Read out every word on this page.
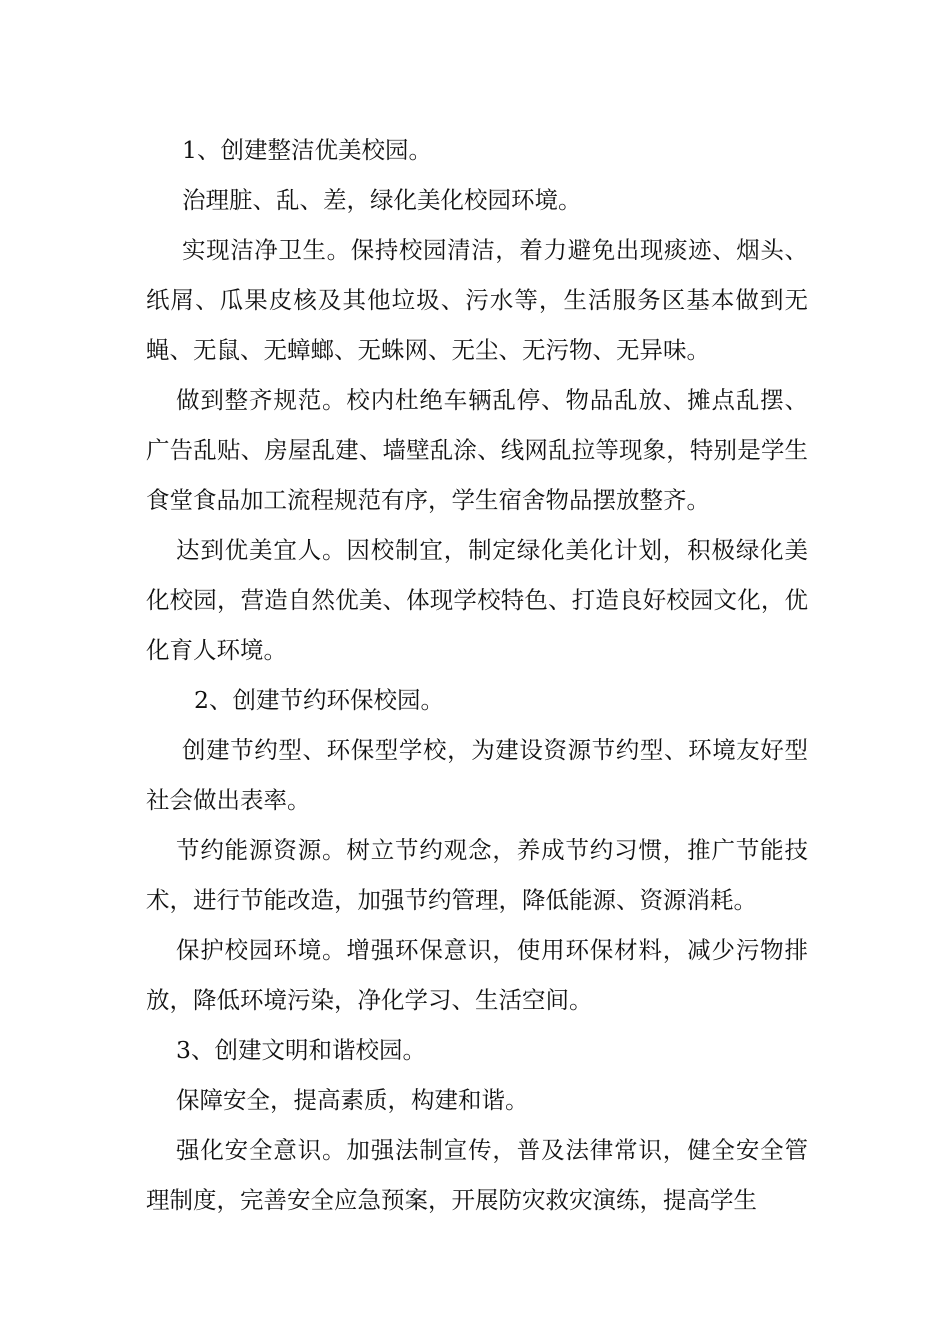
1、创建整洁优美校园。

治理脏、乱、差，绿化美化校园环境。

实现洁净卫生。保持校园清洁，着力避免出现痰迹、烟头、纸屑、瓜果皮核及其他垃圾、污水等，生活服务区基本做到无蝇、无鼠、无蟑螂、无蛛网、无尘、无污物、无异味。

做到整齐规范。校内杜绝车辆乱停、物品乱放、摊点乱摆、广告乱贴、房屋乱建、墙壁乱涂、线网乱拉等现象，特别是学生食堂食品加工流程规范有序，学生宿舍物品摆放整齐。

达到优美宜人。因校制宜，制定绿化美化计划，积极绿化美化校园，营造自然优美、体现学校特色、打造良好校园文化，优化育人环境。

2、创建节约环保校园。

创建节约型、环保型学校，为建设资源节约型、环境友好型社会做出表率。

节约能源资源。树立节约观念，养成节约习惯，推广节能技术，进行节能改造，加强节约管理，降低能源、资源消耗。

保护校园环境。增强环保意识，使用环保材料，减少污物排放，降低环境污染，净化学习、生活空间。

3、创建文明和谐校园。

保障安全，提高素质，构建和谐。

强化安全意识。加强法制宣传，普及法律常识，健全安全管理制度，完善安全应急预案，开展防灾救灾演练，提高学生
